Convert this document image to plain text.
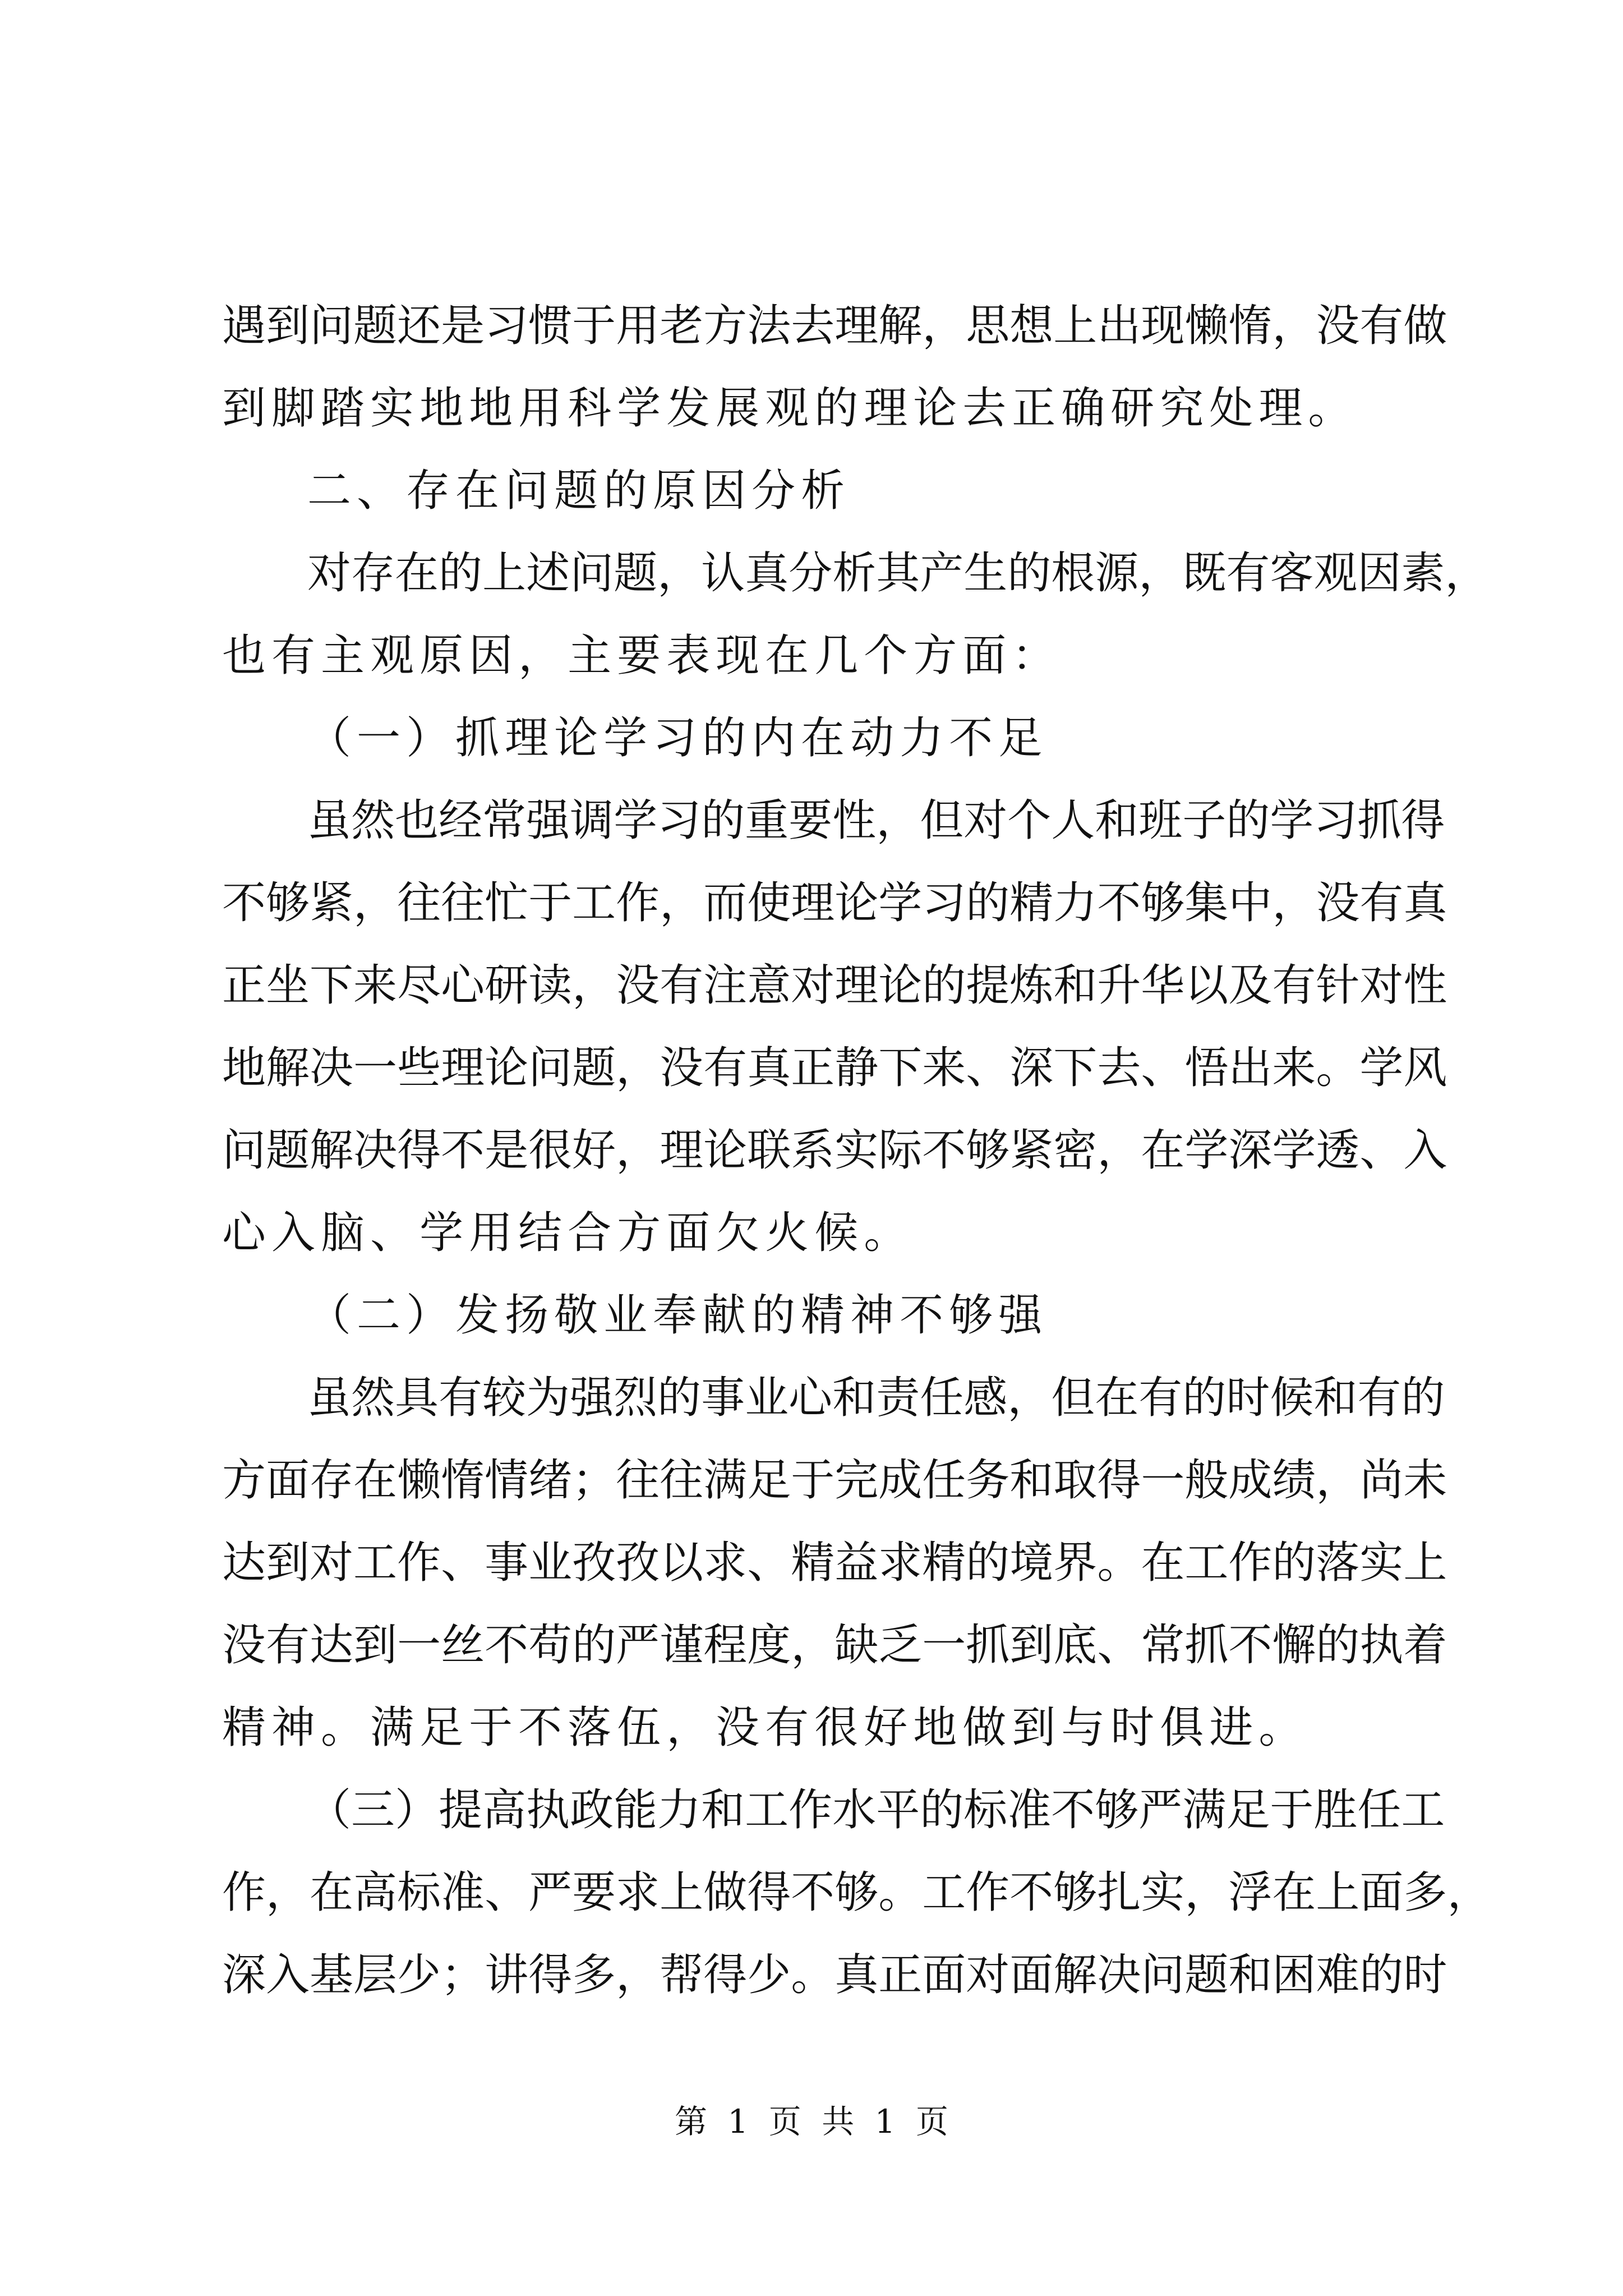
遇 到 问 题 还 是 习 惯 于 用 老 方 法 去 理 解 ， 思 想 上 出 现 懒 惰 ， 没 有 做
到 脚 踏 实 地 地 用 科 学 发 展 观 的 理 论 去 正 确 研 究 处 理 。
二 、 存 在 问 题 的 原 因 分 析
对 存 在 的 上 述 问 题 ， 认 真 分 析 其 产 生 的 根 源 ， 既 有 客 观 因 素 ，
也 有 主 观 原 因 ， 主 要 表 现 在 几 个 方 面 ：
（ 一 ） 抓 理 论 学 习 的 内 在 动 力 不 足
虽 然 也 经 常 强 调 学 习 的 重 要 性 ， 但 对 个 人 和 班 子 的 学 习 抓 得
不 够 紧 ， 往 往 忙 于 工 作 ， 而 使 理 论 学 习 的 精 力 不 够 集 中 ， 没 有 真
正 坐 下 来 尽 心 研 读 ， 没 有 注 意 对 理 论 的 提 炼 和 升 华 以 及 有 针 对 性
地 解 决 一 些 理 论 问 题 ， 没 有 真 正 静 下 来 、 深 下 去 、 悟 出 来 。 学 风
问 题 解 决 得 不 是 很 好 ， 理 论 联 系 实 际 不 够 紧 密 ， 在 学 深 学 透 、 入
心 入 脑 、 学 用 结 合 方 面 欠 火 候 。
（ 二 ） 发 扬 敬 业 奉 献 的 精 神 不 够 强
虽 然 具 有 较 为 强 烈 的 事 业 心 和 责 任 感 ， 但 在 有 的 时 候 和 有 的
方 面 存 在 懒 惰 情 绪 ； 往 往 满 足 于 完 成 任 务 和 取 得 一 般 成 绩 ， 尚 未
达 到 对 工 作 、 事 业 孜 孜 以 求 、 精 益 求 精 的 境 界 。 在 工 作 的 落 实 上
没 有 达 到 一 丝 不 苟 的 严 谨 程 度 ， 缺 乏 一 抓 到 底 、 常 抓 不 懈 的 执 着
精 神 。 满 足 于 不 落 伍 ， 没 有 很 好 地 做 到 与 时 俱 进 。
（ 三 ） 提 高 执 政 能 力 和 工 作 水 平 的 标 准 不 够 严 满 足 于 胜 任 工
作 ， 在 高 标 准 、 严 要 求 上 做 得 不 够 。 工 作 不 够 扎 实 ， 浮 在 上 面 多 ，
深 入 基 层 少 ； 讲 得 多 ， 帮 得 少 。 真 正 面 对 面 解 决 问 题 和 困 难 的 时
第 1 页 共 1 页
